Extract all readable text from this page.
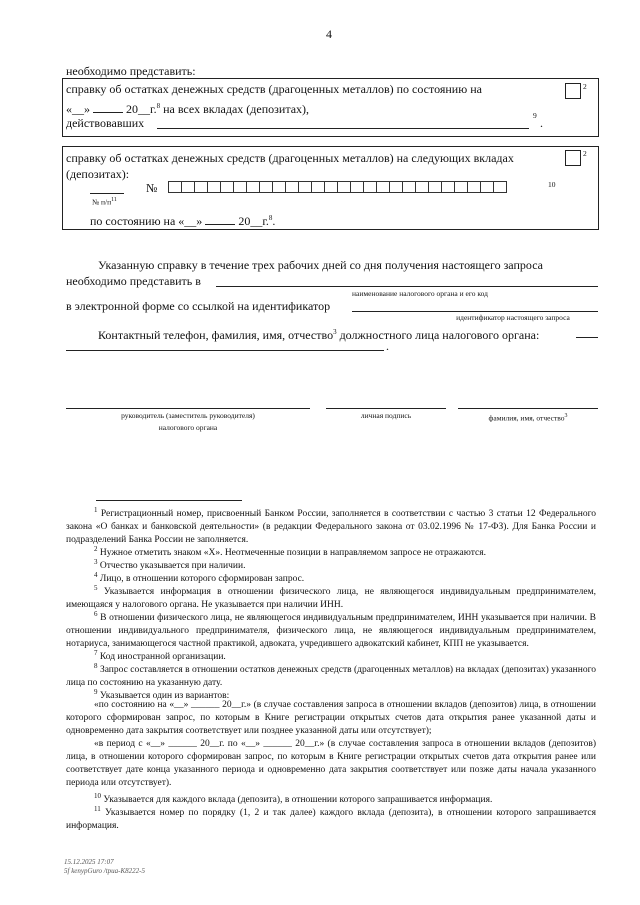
4
необходимо представить:
справку об остатках денежных средств (драгоценных металлов) по состоянию на
«__»	20__г.$^8$ на всех вкладах (депозитах),
действовавших
9
.
2
справку об остатках денежных средств (драгоценных металлов) на следующих вкладах
(депозитах):
2
№
№ $п/п^{11}$
10
по состоянию на «__»	20__г.$^8$.
Указанную справку в течение трех рабочих дней со дня получения настоящего запроса
необходимо представить в
наименование налогового органа и его код
в электронной форме со ссылкой на идентификатор
идентификатор настоящего запроса
Контактный телефон, фамилия, имя, отчество$^3$ должностного лица налогового органа:
.
руководитель (заместитель руководителя)
налогового органа
личная подпись	фамилия, имя, отчество$^3$
$^1$ Регистрационный номер, присвоенный Банком России, заполняется в соответствии с частью 3 статьи 12 Федерального закона «О банках и банковской деятельности» (в редакции Федерального закона от 03.02.1996 № 17-ФЗ). Для Банка России и подразделений Банка России не заполняется.
$^2$ Нужное отметить знаком «Х». Неотмеченные позиции в направляемом запросе не отражаются.
$^3$ Отчество указывается при наличии.
$^4$ Лицо, в отношении которого сформирован запрос.
$^5$ Указывается информация в отношении физического лица, не являющегося индивидуальным предпринимателем, имеющаяся у налогового органа. Не указывается при наличии ИНН.
$^6$ В отношении физического лица, не являющегося индивидуальным предпринимателем, ИНН указывается при наличии. В отношении индивидуального предпринимателя, физического лица, не являющегося индивидуальным предпринимателем, нотариуса, занимающегося частной практикой, адвоката, учредившего адвокатский кабинет, КПП не указывается.
$^7$ Код иностранной организации.
$^8$ Запрос составляется в отношении остатков денежных средств (драгоценных металлов) на вкладах (депозитах) указанного лица по состоянию на указанную дату.
$^9$ Указывается один из вариантов:
«по состоянию на «__» ______ 20__г.» (в случае составления запроса в отношении вкладов (депозитов) лица, в отношении которого сформирован запрос, по которым в Книге регистрации открытых счетов дата открытия ранее указанной даты и одновременно дата закрытия соответствует или позднее указанной даты или отсутствует);
«в период с «__» ______ 20__г. по «__» ______ 20__г.» (в случае составления запроса в отношении вкладов (депозитов) лица, в отношении которого сформирован запрос, по которым в Книге регистрации открытых счетов дата открытия ранее или соответствует дате конца указанного периода и одновременно дата закрытия соответствует или позже даты начала указанного периода или отсутствует).
$^{10}$ Указывается для каждого вклада (депозита), в отношении которого запрашивается информация.
$^{11}$ Указывается номер по порядку (1, 2 и так далее) каждого вклада (депозита), в отношении которого запрашивается информация.
15.12.2025 17:07
5f kenypGuro /tpua-K8222-5
